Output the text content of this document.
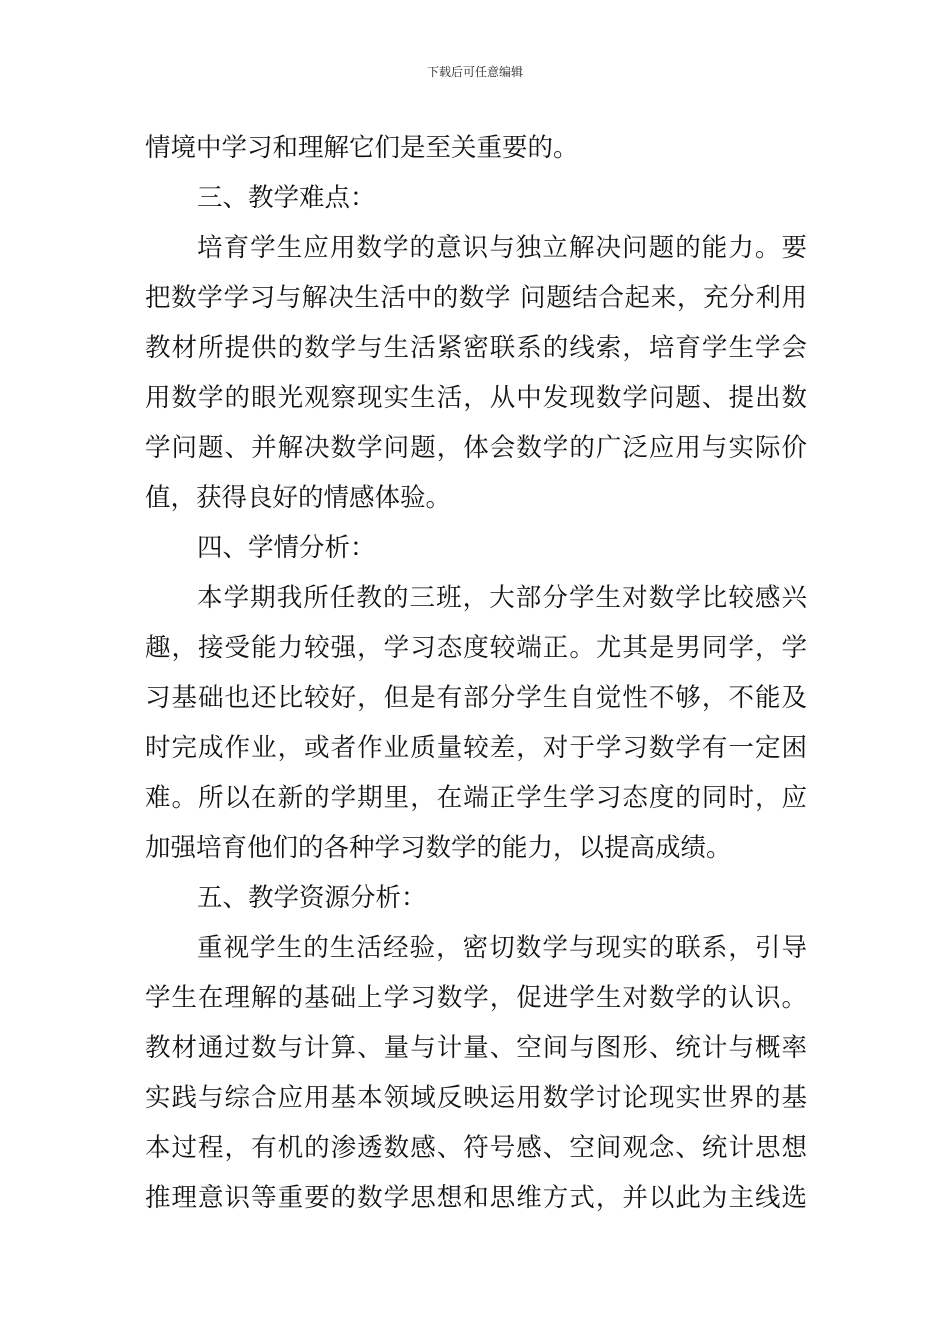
下载后可任意编辑
情境中学习和理解它们是至关重要的。
三、教学难点：
培育学生应用数学的意识与独立解决问题的能力。要
把数学学习与解决生活中的数学 问题结合起来，充分利用
教材所提供的数学与生活紧密联系的线索，培育学生学会
用数学的眼光观察现实生活，从中发现数学问题、提出数
学问题、并解决数学问题，体会数学的广泛应用与实际价
值，获得良好的情感体验。
四、学情分析：
本学期我所任教的三班，大部分学生对数学比较感兴
趣，接受能力较强，学习态度较端正。尤其是男同学，学
习基础也还比较好，但是有部分学生自觉性不够，不能及
时完成作业，或者作业质量较差，对于学习数学有一定困
难。所以在新的学期里，在端正学生学习态度的同时，应
加强培育他们的各种学习数学的能力，以提高成绩。
五、教学资源分析：
重视学生的生活经验，密切数学与现实的联系，引导
学生在理解的基础上学习数学，促进学生对数学的认识。
教材通过数与计算、量与计量、空间与图形、统计与概率
实践与综合应用基本领域反映运用数学讨论现实世界的基
本过程，有机的渗透数感、符号感、空间观念、统计思想
推理意识等重要的数学思想和思维方式，并以此为主线选
